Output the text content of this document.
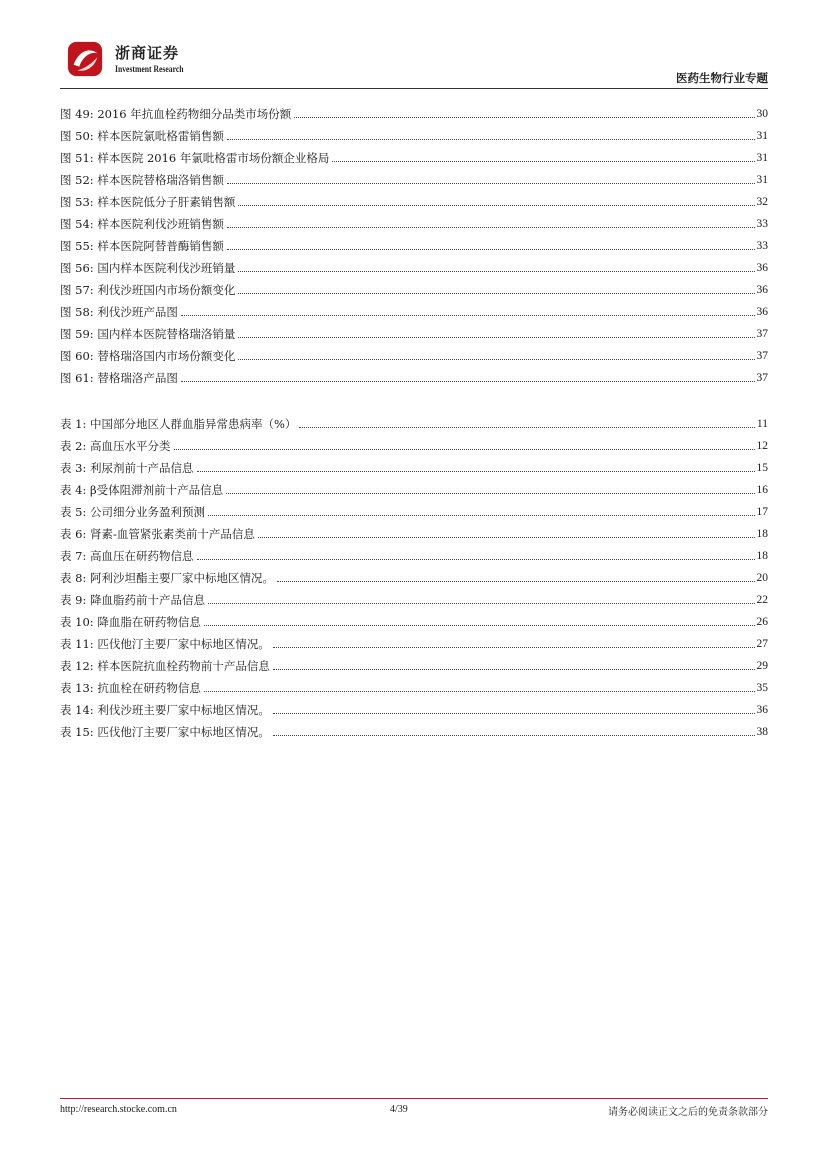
浙商证券
Investment Research
医药生物行业专题
图 49: 2016 年抗血栓药物细分品类市场份额	30
图 50: 样本医院氯吡格雷销售额	31
图 51: 样本医院 2016 年氯吡格雷市场份额企业格局	31
图 52: 样本医院替格瑞洛销售额	31
图 53: 样本医院低分子肝素销售额	32
图 54: 样本医院利伐沙班销售额	33
图 55: 样本医院阿替普酶销售额	33
图 56: 国内样本医院利伐沙班销量	36
图 57: 利伐沙班国内市场份额变化	36
图 58: 利伐沙班产品图	36
图 59: 国内样本医院替格瑞洛销量	37
图 60: 替格瑞洛国内市场份额变化	37
图 61: 替格瑞洛产品图	37
表 1: 中国部分地区人群血脂异常患病率（%）	11
表 2: 高血压水平分类	12
表 3: 利尿剂前十产品信息	15
表 4: β受体阻滞剂前十产品信息	16
表 5: 公司细分业务盈利预测	17
表 6: 肾素-血管紧张素类前十产品信息	18
表 7: 高血压在研药物信息	18
表 8: 阿利沙坦酯主要厂家中标地区情况。	20
表 9: 降血脂药前十产品信息	22
表 10: 降血脂在研药物信息	26
表 11: 匹伐他汀主要厂家中标地区情况。	27
表 12: 样本医院抗血栓药物前十产品信息	29
表 13: 抗血栓在研药物信息	35
表 14: 利伐沙班主要厂家中标地区情况。	36
表 15: 匹伐他汀主要厂家中标地区情况。	38
http://research.stocke.com.cn	4/39	请务必阅读正文之后的免责条款部分
